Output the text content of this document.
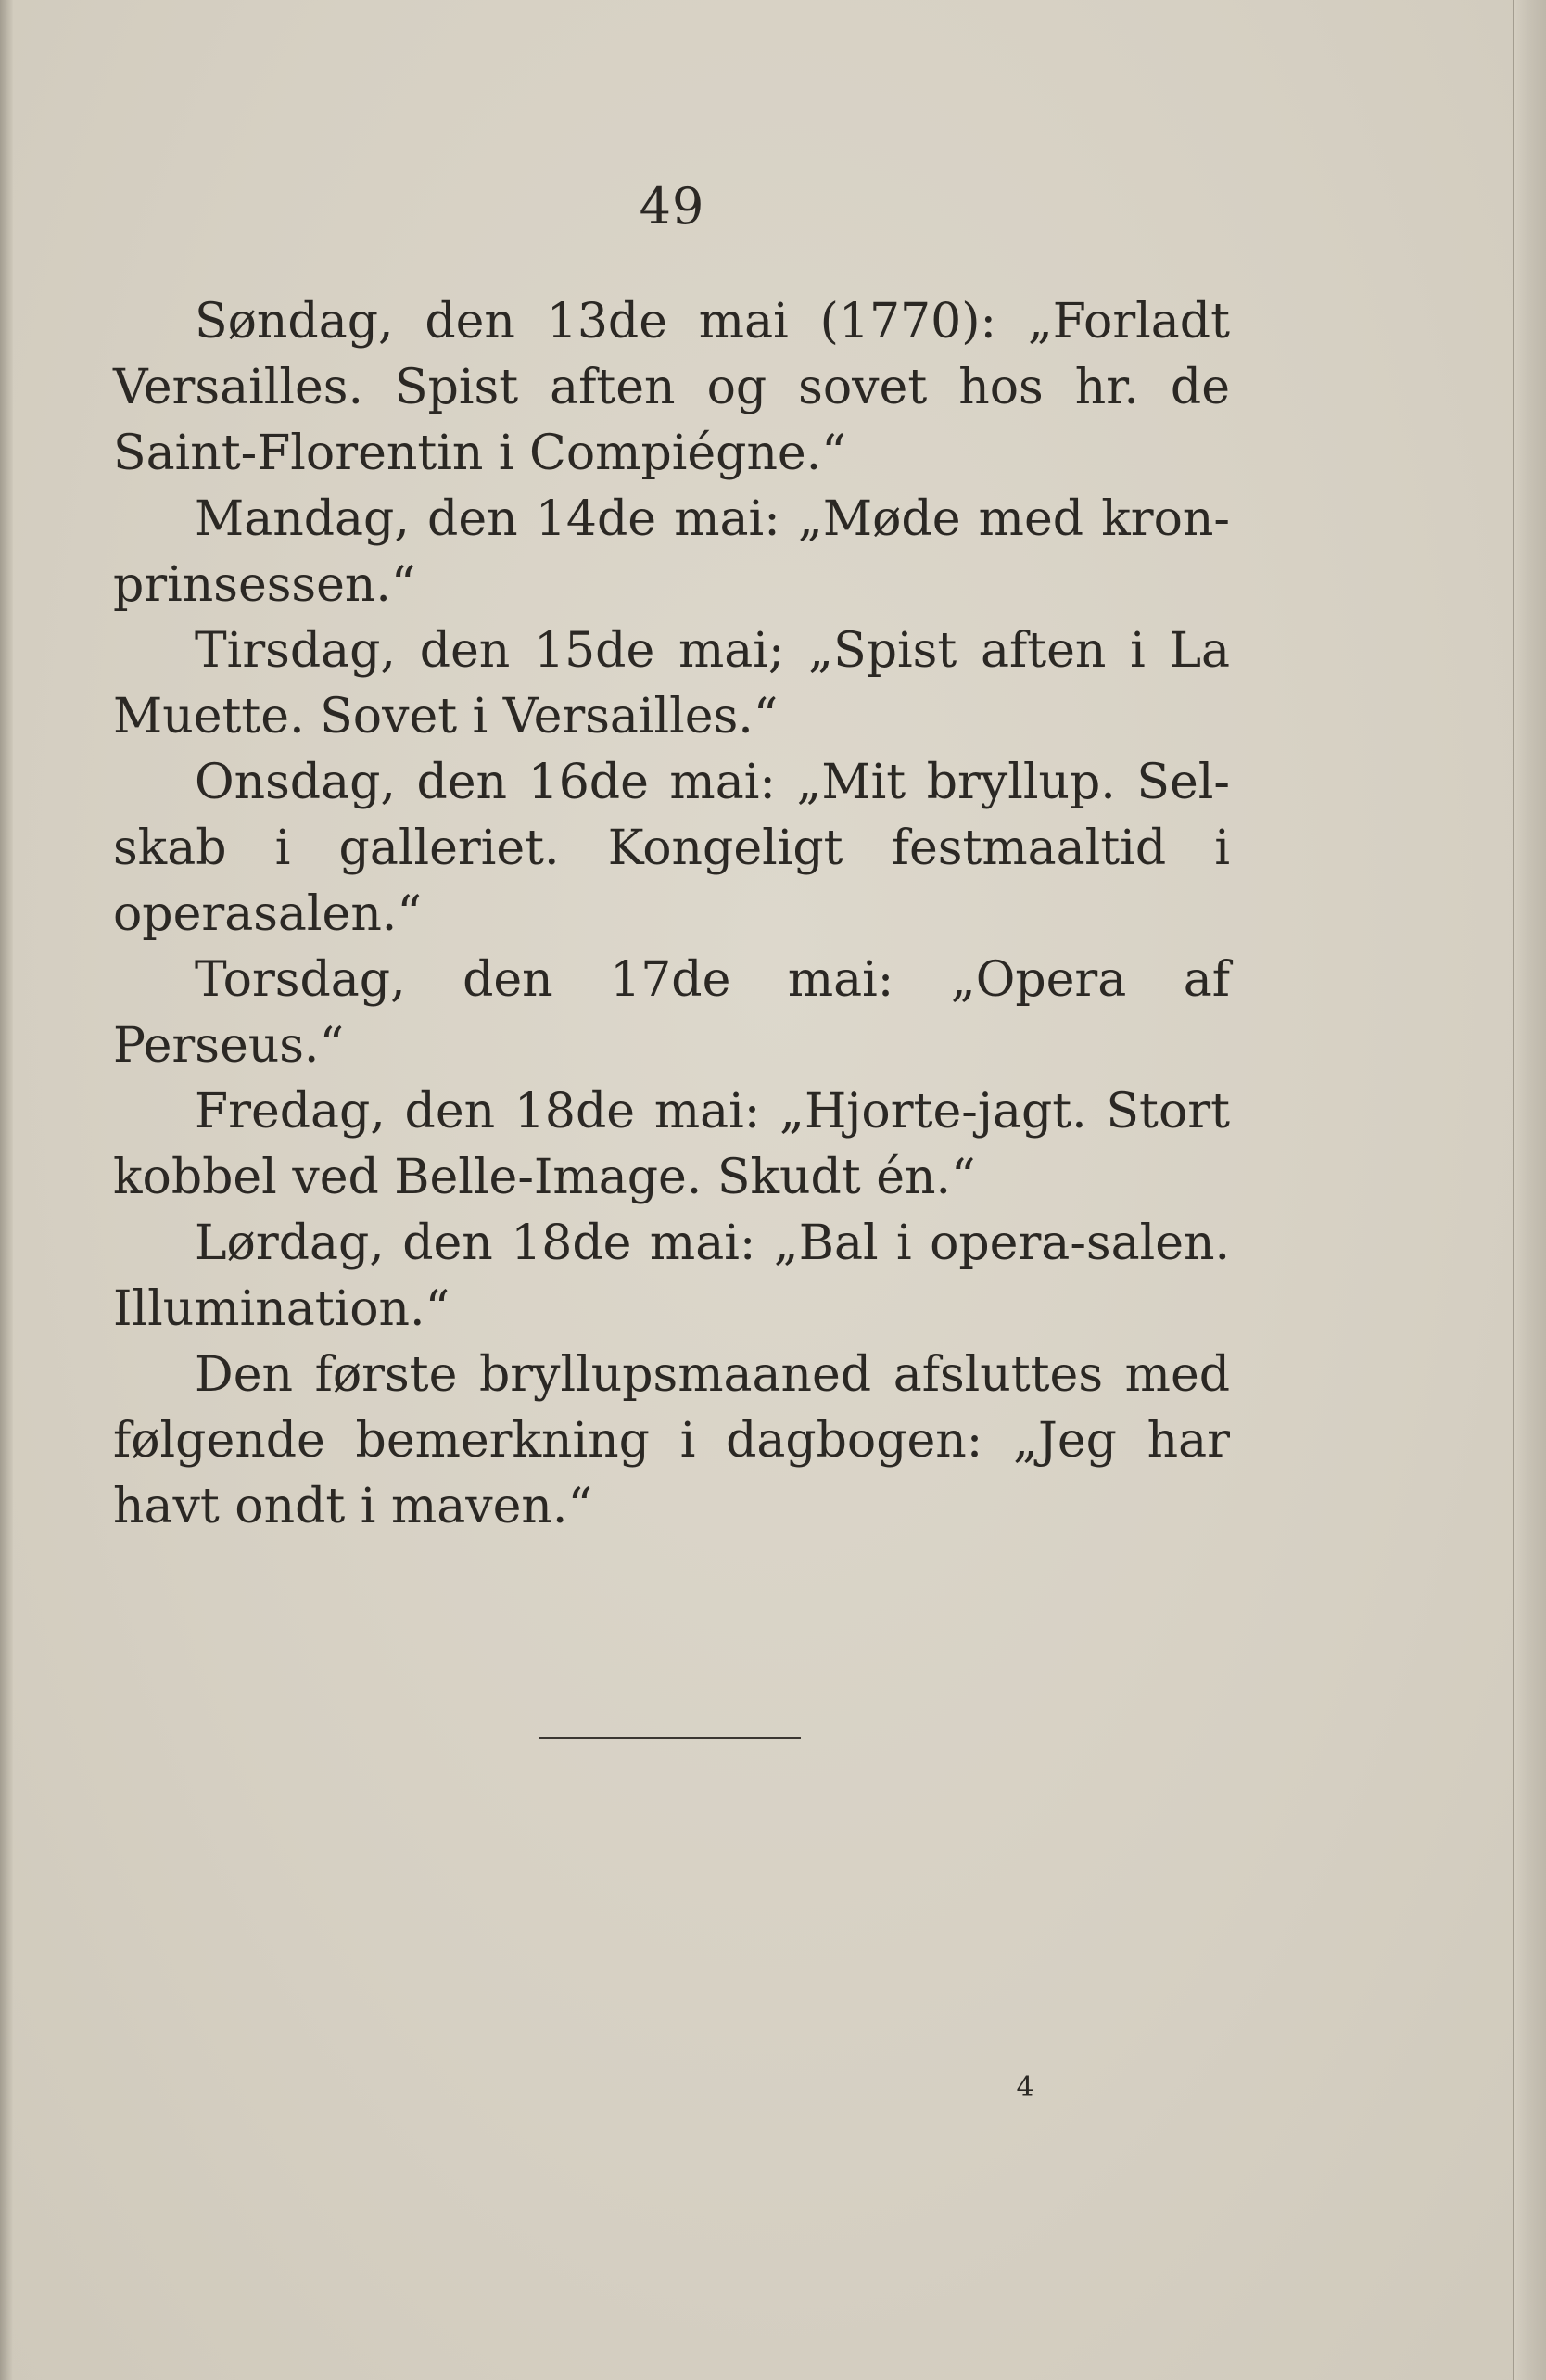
49

Søndag, den 13de mai (1770): „Forladt Versailles. Spist aften og sovet hos hr. de Saint-Florentin i Compiégne.“

Mandag, den 14de mai: „Møde med kronprinsessen.“

Tirsdag, den 15de mai; „Spist aften i La Muette. Sovet i Versailles.“

Onsdag, den 16de mai: „Mit bryllup. Selskab i galleriet. Kongeligt festmaaltid i operasalen.“

Torsdag, den 17de mai: „Opera af Perseus.“

Fredag, den 18de mai: „Hjorte-jagt. Stort kobbel ved Belle-Image. Skudt én.“

Lørdag, den 18de mai: „Bal i opera-salen. Illumination.“

Den første bryllupsmaaned afsluttes med følgende bemerkning i dagbogen: „Jeg har havt ondt i maven.“

4
